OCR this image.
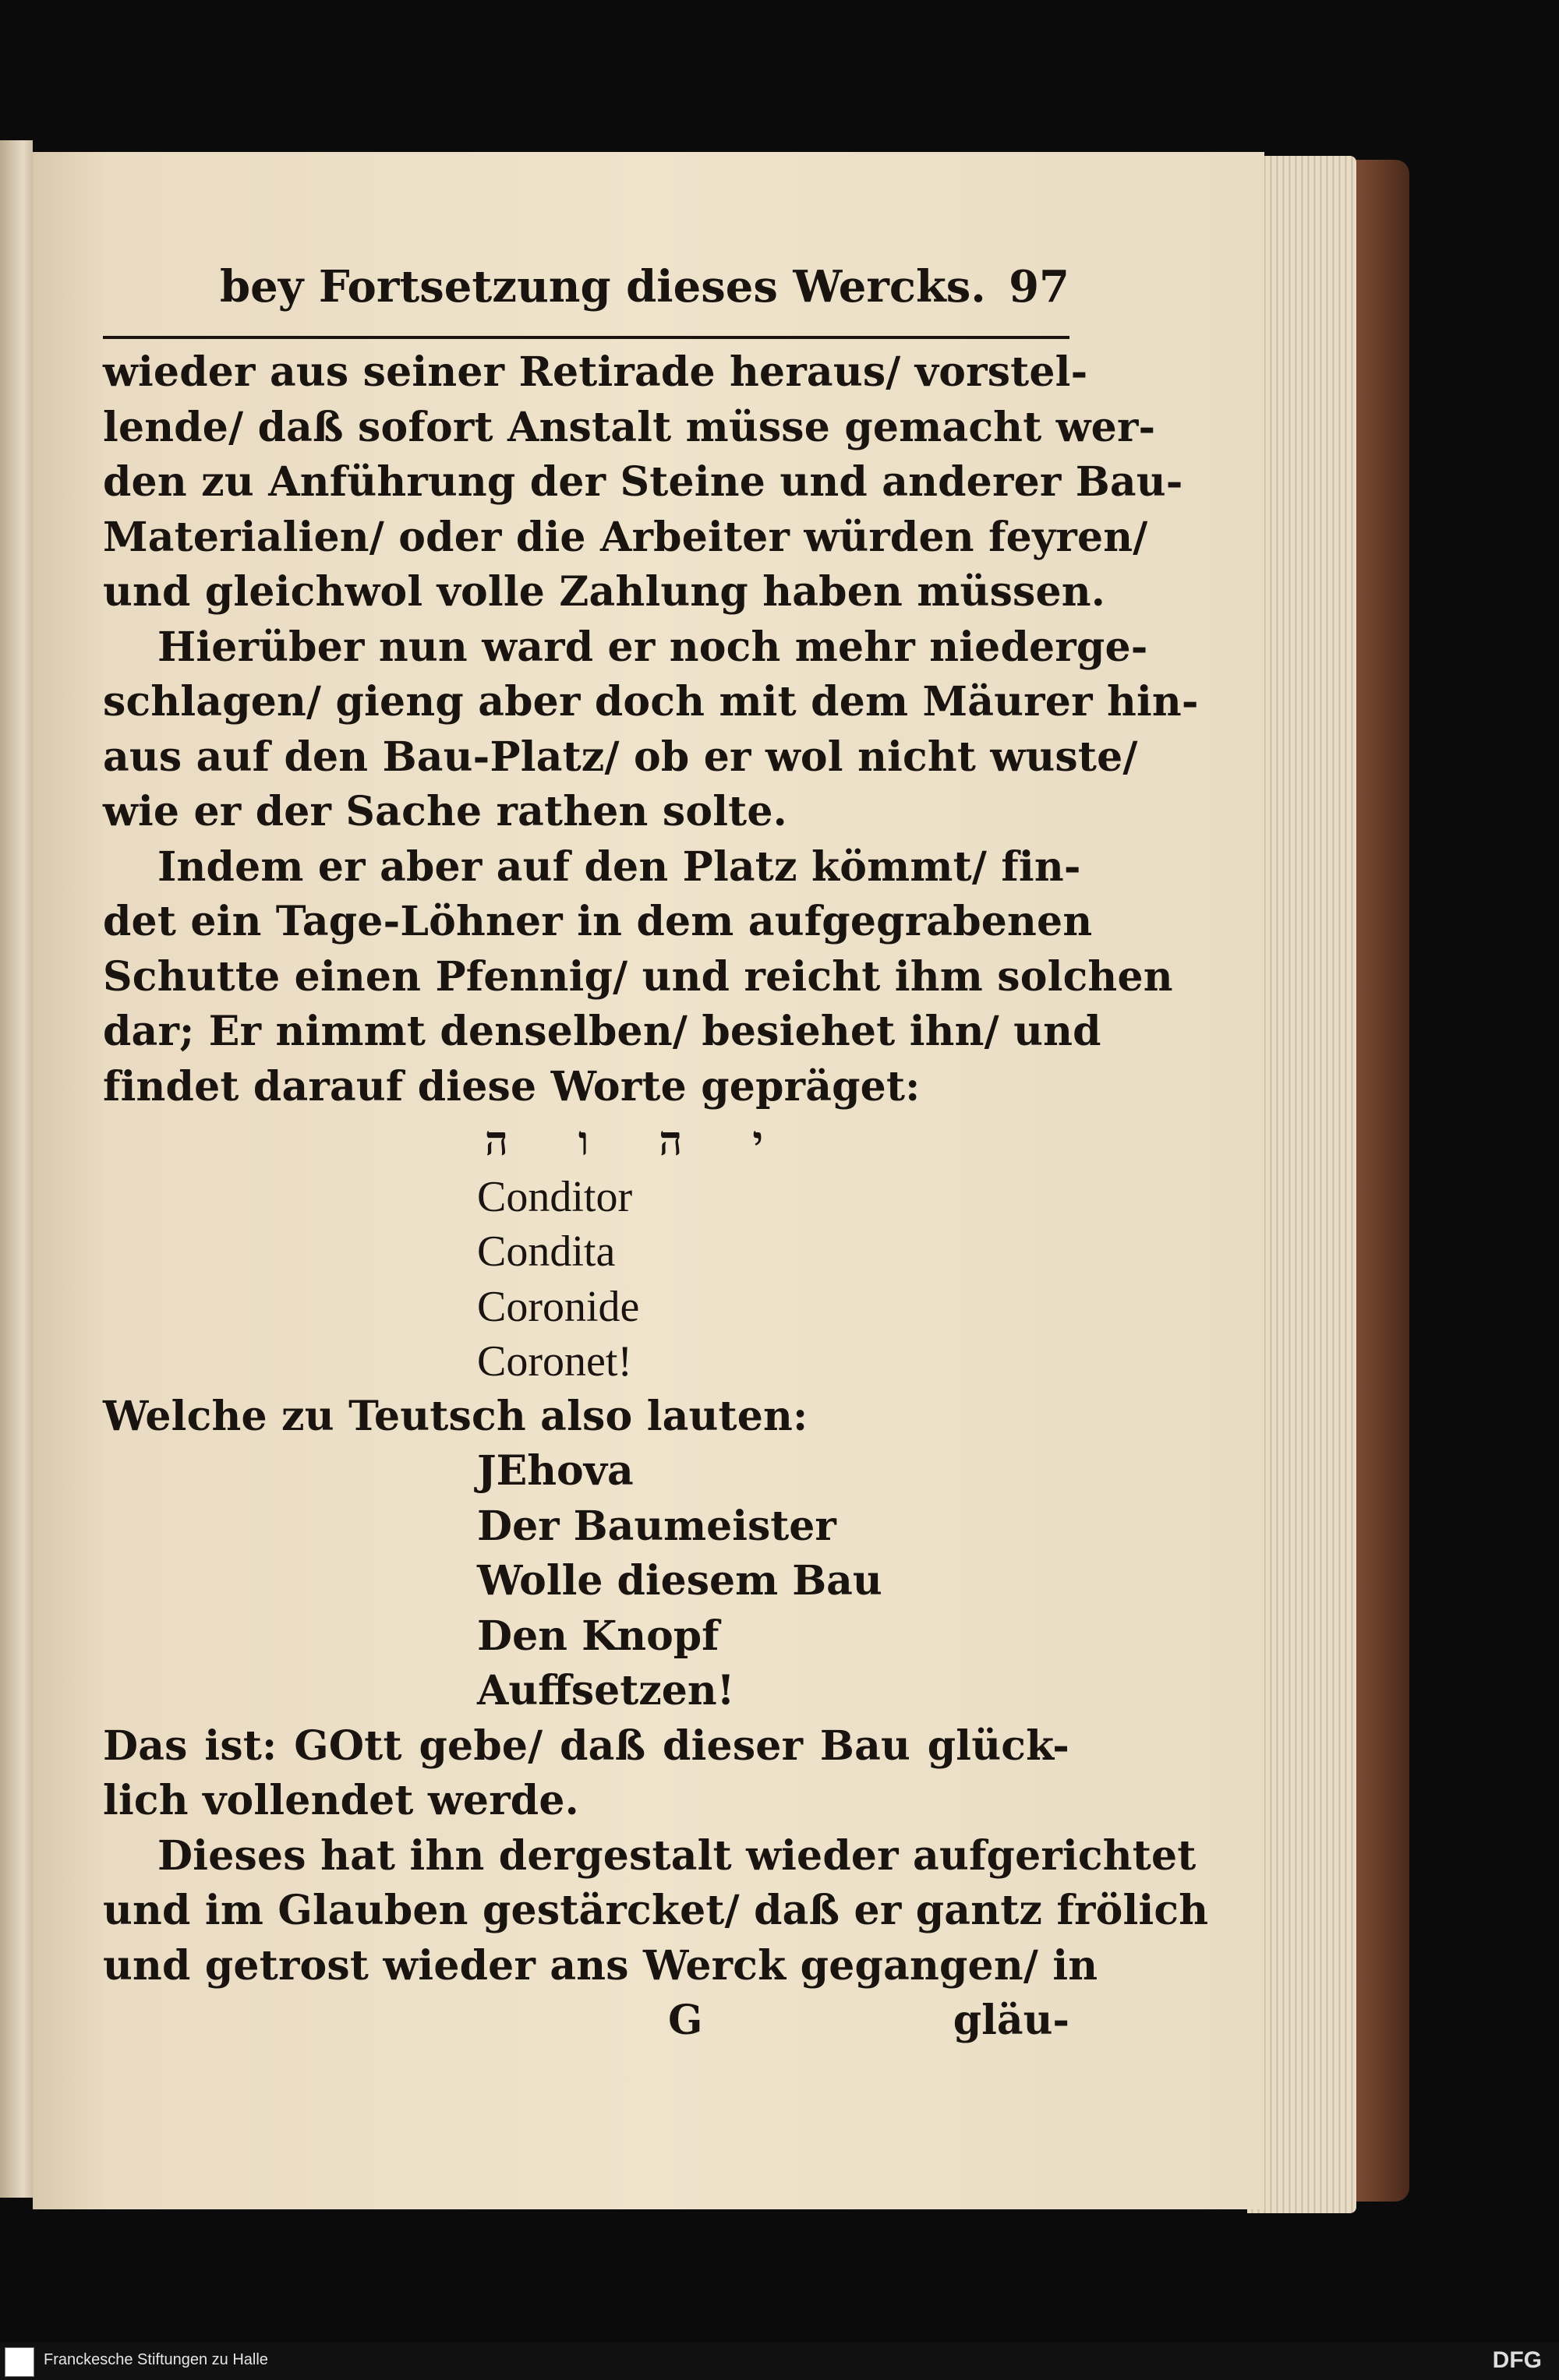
bey Fortsetzung dieses Wercks. 97
wieder aus seiner Retirade heraus/ vorstel-
lende/ daß sofort Anstalt müsse gemacht wer-
den zu Anführung der Steine und anderer Bau-
Materialien/ oder die Arbeiter würden feyren/
und gleichwol volle Zahlung haben müssen.
Hierüber nun ward er noch mehr niederge-
schlagen/ gieng aber doch mit dem Mäurer hin-
aus auf den Bau-Platz/ ob er wol nicht wuste/
wie er der Sache rathen solte.
Indem er aber auf den Platz kömmt/ fin-
det ein Tage-Löhner in dem aufgegrabenen
Schutte einen Pfennig/ und reicht ihm solchen
dar; Er nimmt denselben/ besiehet ihn/ und
findet darauf diese Worte gepräget:
י ה ו ה
Conditor
Condita
Coronide
Coronet!
Welche zu Teutsch also lauten:
JEhova
Der Baumeister
Wolle diesem Bau
Den Knopf
Auffsetzen!
Das ist: GOtt gebe/ daß dieser Bau glück-
lich vollendet werde.
Dieses hat ihn dergestalt wieder aufgerichtet
und im Glauben gestärcket/ daß er gantz frölich
und getrost wieder ans Werck gegangen/ in
G	gläu-
Franckesche Stiftungen zu Halle	DFG
